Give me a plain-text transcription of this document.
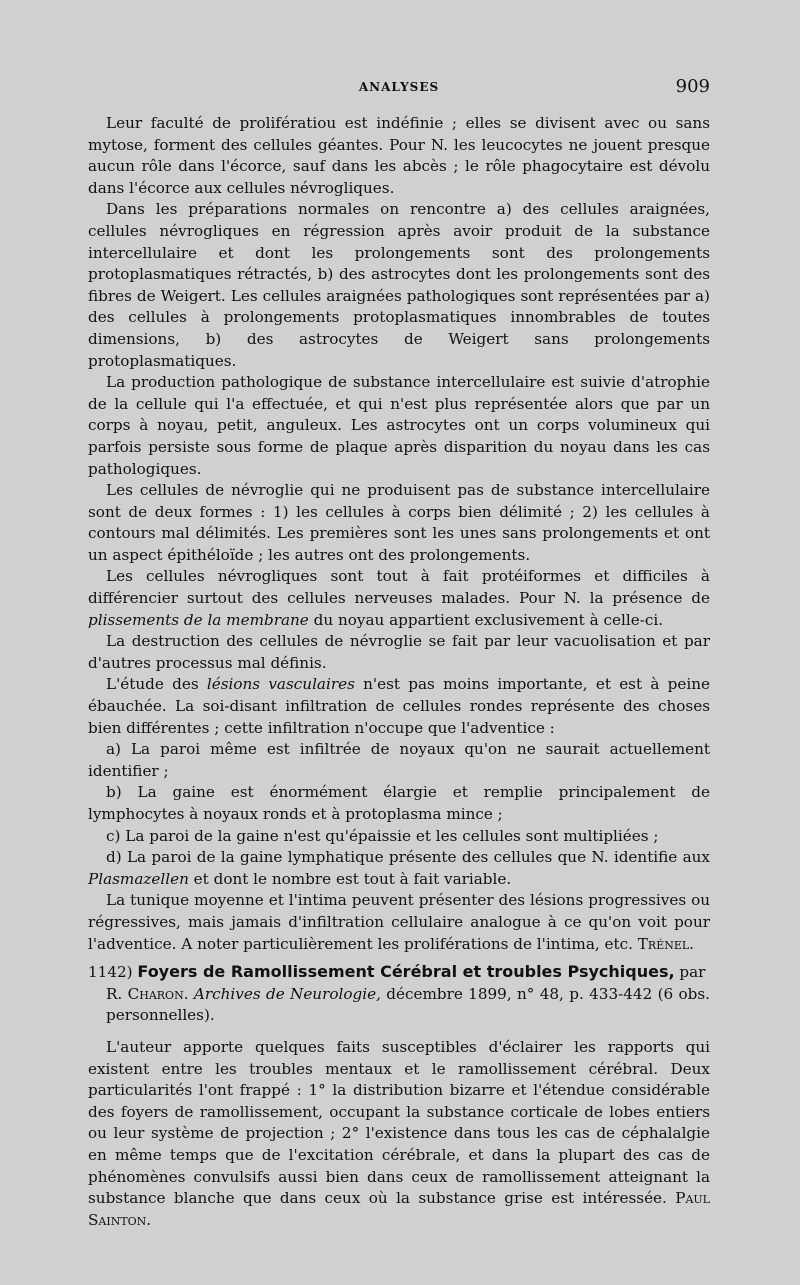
ANALYSES	909

Leur faculté de prolifératiou est indéfinie ; elles se divisent avec ou sans mytose, forment des cellules géantes. Pour N. les leucocytes ne jouent presque aucun rôle dans l'écorce, sauf dans les abcès ; le rôle phagocytaire est dévolu dans l'écorce aux cellules névrogliques.

Dans les préparations normales on rencontre a) des cellules araignées, cellules névrogliques en régression après avoir produit de la substance intercellulaire et dont les prolongements sont des prolongements protoplasmatiques rétractés, b) des astrocytes dont les prolongements sont des fibres de Weigert. Les cellules araignées pathologiques sont représentées par a) des cellules à prolongements protoplasmatiques innombrables de toutes dimensions, b) des astrocytes de Weigert sans prolongements protoplasmatiques.

La production pathologique de substance intercellulaire est suivie d'atrophie de la cellule qui l'a effectuée, et qui n'est plus représentée alors que par un corps à noyau, petit, anguleux. Les astrocytes ont un corps volumineux qui parfois persiste sous forme de plaque après disparition du noyau dans les cas pathologiques.

Les cellules de névroglie qui ne produisent pas de substance intercellulaire sont de deux formes : 1) les cellules à corps bien délimité ; 2) les cellules à contours mal délimités. Les premières sont les unes sans prolongements et ont un aspect épithéloïde ; les autres ont des prolongements.

Les cellules névrogliques sont tout à fait protéiformes et difficiles à différencier surtout des cellules nerveuses malades. Pour N. la présence de plissements de la membrane du noyau appartient exclusivement à celle-ci.

La destruction des cellules de névroglie se fait par leur vacuolisation et par d'autres processus mal définis.

L'étude des lésions vasculaires n'est pas moins importante, et est à peine ébauchée. La soi-disant infiltration de cellules rondes représente des choses bien différentes ; cette infiltration n'occupe que l'adventice :

a) La paroi même est infiltrée de noyaux qu'on ne saurait actuellement identifier ;

b) La gaine est énormément élargie et remplie principalement de lymphocytes à noyaux ronds et à protoplasma mince ;

c) La paroi de la gaine n'est qu'épaissie et les cellules sont multipliées ;

d) La paroi de la gaine lymphatique présente des cellules que N. identifie aux Plasmazellen et dont le nombre est tout à fait variable.

La tunique moyenne et l'intima peuvent présenter des lésions progressives ou régressives, mais jamais d'infiltration cellulaire analogue à ce qu'on voit pour l'adventice. A noter particulièrement les proliférations de l'intima, etc. Trénel.

1142) Foyers de Ramollissement Cérébral et troubles Psychiques, par
R. Charon. Archives de Neurologie, décembre 1899, n° 48, p. 433-442 (6 obs. personnelles).

L'auteur apporte quelques faits susceptibles d'éclairer les rapports qui existent entre les troubles mentaux et le ramollissement cérébral. Deux particularités l'ont frappé : 1° la distribution bizarre et l'étendue considérable des foyers de ramollissement, occupant la substance corticale de lobes entiers ou leur système de projection ; 2° l'existence dans tous les cas de céphalalgie en même temps que de l'excitation cérébrale, et dans la plupart des cas de phénomènes convulsifs aussi bien dans ceux de ramollissement atteignant la substance blanche que dans ceux où la substance grise est intéressée. Paul Sainton.
